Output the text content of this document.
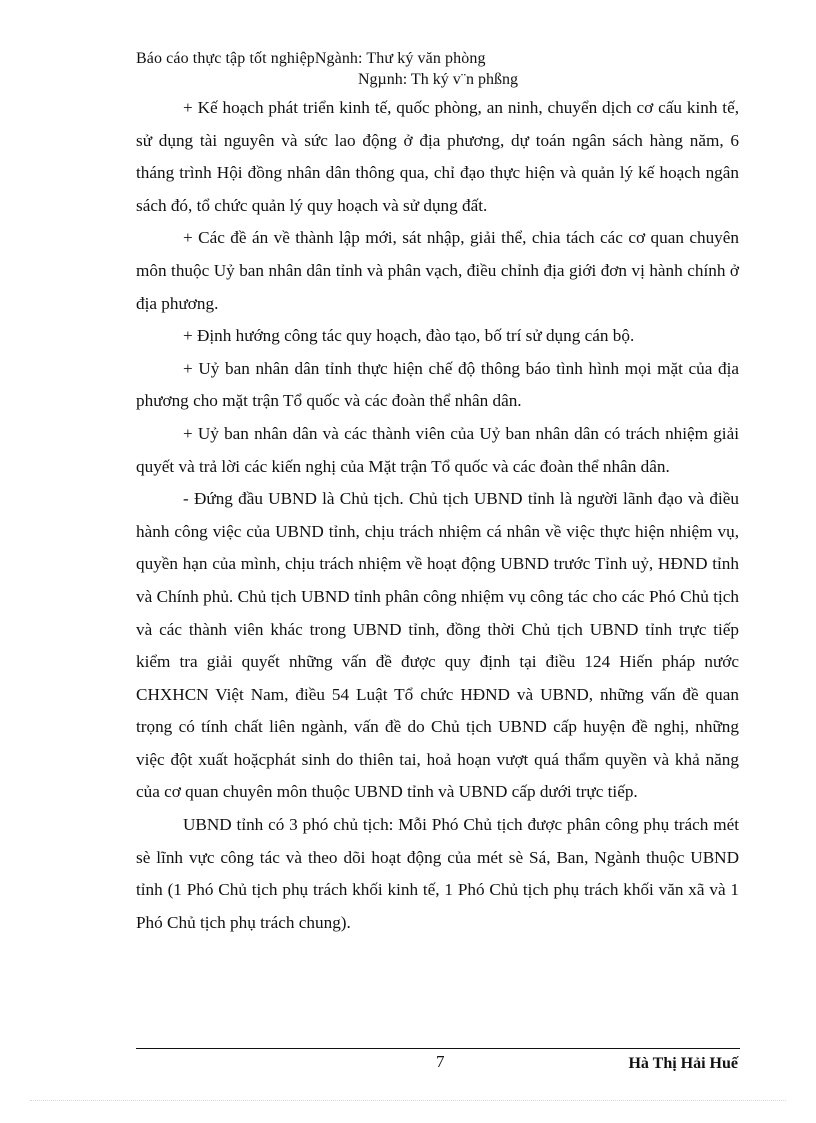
Báo cáo thực tập tốt nghiệpNgành: Thư ký văn phòng
Ngµnh: Th ký v¨n phßng

+ Kế hoạch phát triển kinh tế, quốc phòng, an ninh, chuyển dịch cơ cấu kinh tế, sử dụng tài nguyên và sức lao động ở địa phương, dự toán ngân sách hàng năm, 6 tháng trình Hội đồng nhân dân thông qua, chỉ đạo thực hiện và quản lý kế hoạch ngân sách đó, tổ chức quản lý quy hoạch và sử dụng đất.

+ Các đề án về thành lập mới, sát nhập, giải thể, chia tách các cơ quan chuyên môn thuộc Uỷ ban nhân dân tỉnh và phân vạch, điều chỉnh địa giới đơn vị hành chính ở địa phương.

+ Định hướng công tác quy hoạch, đào tạo, bố trí sử dụng cán bộ.

+ Uỷ ban nhân dân tỉnh thực hiện chế độ thông báo tình hình mọi mặt của địa phương cho mặt trận Tổ quốc và các đoàn thể nhân dân.

+ Uỷ ban nhân dân và các thành viên của Uỷ ban nhân dân có trách nhiệm giải quyết và trả lời các kiến nghị của Mặt trận Tổ quốc và các đoàn thể nhân dân.

- Đứng đầu UBND là Chủ tịch. Chủ tịch UBND tỉnh là người lãnh đạo và điều hành công việc của UBND tỉnh, chịu trách nhiệm cá nhân về việc thực hiện nhiệm vụ, quyền hạn của mình, chịu trách nhiệm về hoạt động UBND trước Tỉnh uỷ, HĐND tỉnh và Chính phủ. Chủ tịch UBND tỉnh phân công nhiệm vụ công tác cho các Phó Chủ tịch và các thành viên khác trong UBND tỉnh, đồng thời Chủ tịch UBND tỉnh trực tiếp kiểm tra giải quyết những vấn đề được quy định tại điều 124 Hiến pháp nước CHXHCN Việt Nam, điều 54 Luật Tổ chức HĐND và UBND, những vấn đề quan trọng có tính chất liên ngành, vấn đề do Chủ tịch UBND cấp huyện đề nghị, những việc đột xuất hoặcphát sinh do thiên tai, hoả hoạn vượt quá thẩm quyền và khả năng của cơ quan chuyên môn thuộc UBND tỉnh và UBND cấp dưới trực tiếp.

UBND tỉnh có 3 phó chủ tịch: Mỗi Phó Chủ tịch được phân công phụ trách mét sè lĩnh vực công tác và theo dõi hoạt động của mét sè Sá, Ban, Ngành thuộc UBND tỉnh (1 Phó Chủ tịch phụ trách khối kinh tế, 1 Phó Chủ tịch phụ trách khối văn xã và 1 Phó Chủ tịch phụ trách chung).

7	Hà Thị Hải Huế
